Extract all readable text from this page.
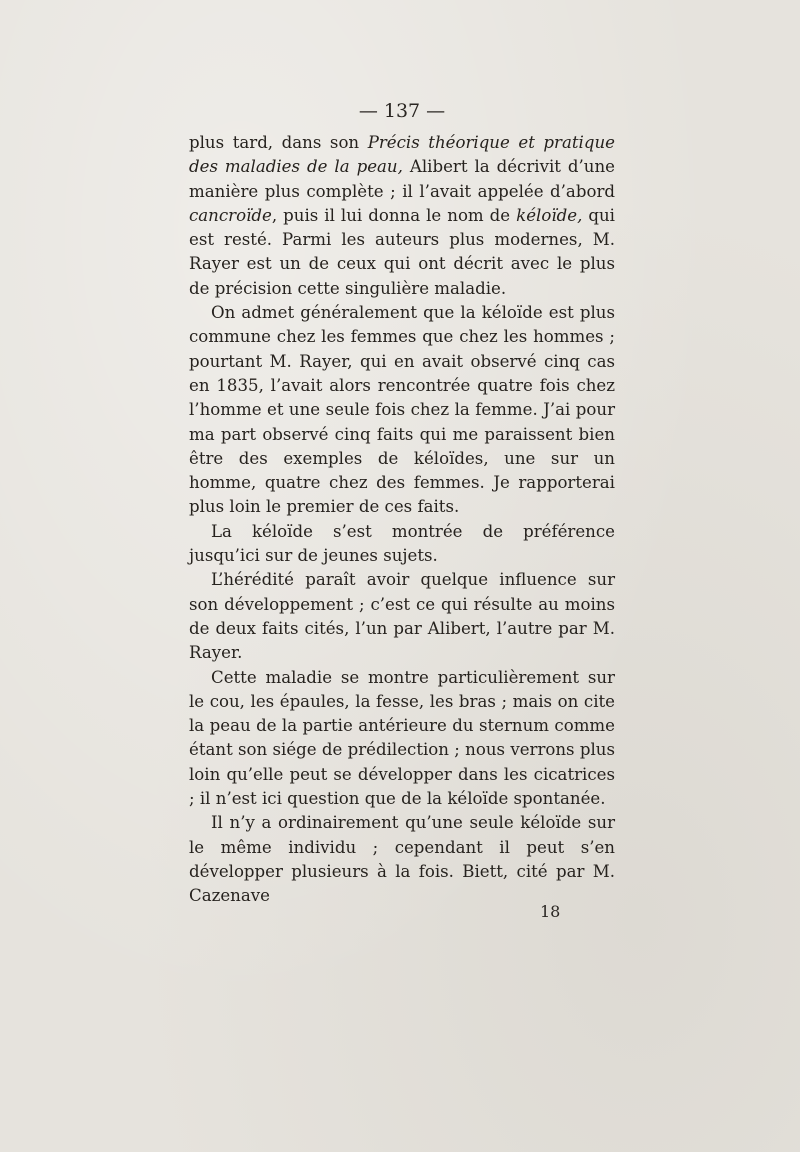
— 137 —

plus tard, dans son Précis théorique et pratique des maladies de la peau, Alibert la décrivit d’une manière plus complète ; il l’avait appelée d’abord cancroïde, puis il lui donna le nom de kéloïde, qui est resté. Parmi les auteurs plus modernes, M. Rayer est un de ceux qui ont décrit avec le plus de précision cette singulière maladie.

On admet généralement que la kéloïde est plus commune chez les femmes que chez les hommes ; pourtant M. Rayer, qui en avait observé cinq cas en 1835, l’avait alors rencontrée quatre fois chez l’homme et une seule fois chez la femme. J’ai pour ma part observé cinq faits qui me paraissent bien être des exemples de kéloïdes, une sur un homme, quatre chez des femmes. Je rapporterai plus loin le premier de ces faits.

La kéloïde s’est montrée de préférence jusqu’ici sur de jeunes sujets.

L’hérédité paraît avoir quelque influence sur son développement ; c’est ce qui résulte au moins de deux faits cités, l’un par Alibert, l’autre par M. Rayer.

Cette maladie se montre particulièrement sur le cou, les épaules, la fesse, les bras ; mais on cite la peau de la partie antérieure du sternum comme étant son siége de prédilection ; nous verrons plus loin qu’elle peut se développer dans les cicatrices ; il n’est ici question que de la kéloïde spontanée.

Il n’y a ordinairement qu’une seule kéloïde sur le même individu ; cependant il peut s’en développer plusieurs à la fois. Biett, cité par M. Cazenave

18
